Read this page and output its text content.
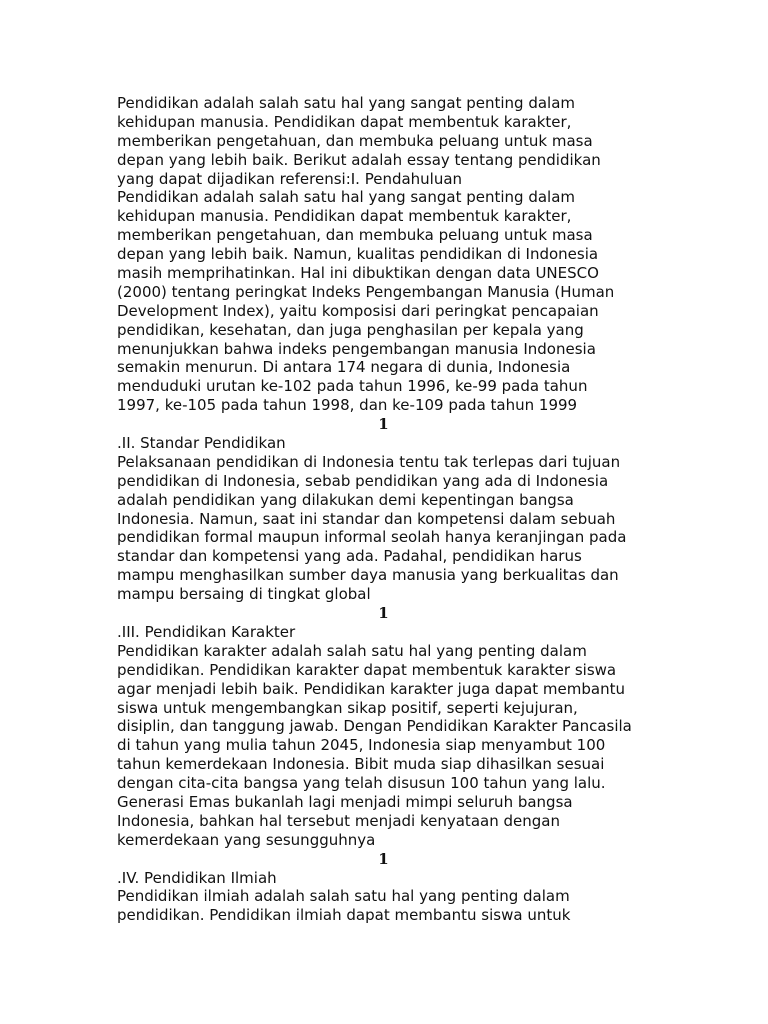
Pendidikan adalah salah satu hal yang sangat penting dalam
kehidupan manusia. Pendidikan dapat membentuk karakter,
memberikan pengetahuan, dan membuka peluang untuk masa
depan yang lebih baik. Berikut adalah essay tentang pendidikan
yang dapat dijadikan referensi:I. Pendahuluan
Pendidikan adalah salah satu hal yang sangat penting dalam
kehidupan manusia. Pendidikan dapat membentuk karakter,
memberikan pengetahuan, dan membuka peluang untuk masa
depan yang lebih baik. Namun, kualitas pendidikan di Indonesia
masih memprihatinkan. Hal ini dibuktikan dengan data UNESCO
(2000) tentang peringkat Indeks Pengembangan Manusia (Human
Development Index), yaitu komposisi dari peringkat pencapaian
pendidikan, kesehatan, dan juga penghasilan per kepala yang
menunjukkan bahwa indeks pengembangan manusia Indonesia
semakin menurun. Di antara 174 negara di dunia, Indonesia
menduduki urutan ke-102 pada tahun 1996, ke-99 pada tahun
1997, ke-105 pada tahun 1998, dan ke-109 pada tahun 1999
1
.II. Standar Pendidikan
Pelaksanaan pendidikan di Indonesia tentu tak terlepas dari tujuan
pendidikan di Indonesia, sebab pendidikan yang ada di Indonesia
adalah pendidikan yang dilakukan demi kepentingan bangsa
Indonesia. Namun, saat ini standar dan kompetensi dalam sebuah
pendidikan formal maupun informal seolah hanya keranjingan pada
standar dan kompetensi yang ada. Padahal, pendidikan harus
mampu menghasilkan sumber daya manusia yang berkualitas dan
mampu bersaing di tingkat global
1
.III. Pendidikan Karakter
Pendidikan karakter adalah salah satu hal yang penting dalam
pendidikan. Pendidikan karakter dapat membentuk karakter siswa
agar menjadi lebih baik. Pendidikan karakter juga dapat membantu
siswa untuk mengembangkan sikap positif, seperti kejujuran,
disiplin, dan tanggung jawab. Dengan Pendidikan Karakter Pancasila
di tahun yang mulia tahun 2045, Indonesia siap menyambut 100
tahun kemerdekaan Indonesia. Bibit muda siap dihasilkan sesuai
dengan cita-cita bangsa yang telah disusun 100 tahun yang lalu.
Generasi Emas bukanlah lagi menjadi mimpi seluruh bangsa
Indonesia, bahkan hal tersebut menjadi kenyataan dengan
kemerdekaan yang sesungguhnya
1
.IV. Pendidikan Ilmiah
Pendidikan ilmiah adalah salah satu hal yang penting dalam
pendidikan. Pendidikan ilmiah dapat membantu siswa untuk
